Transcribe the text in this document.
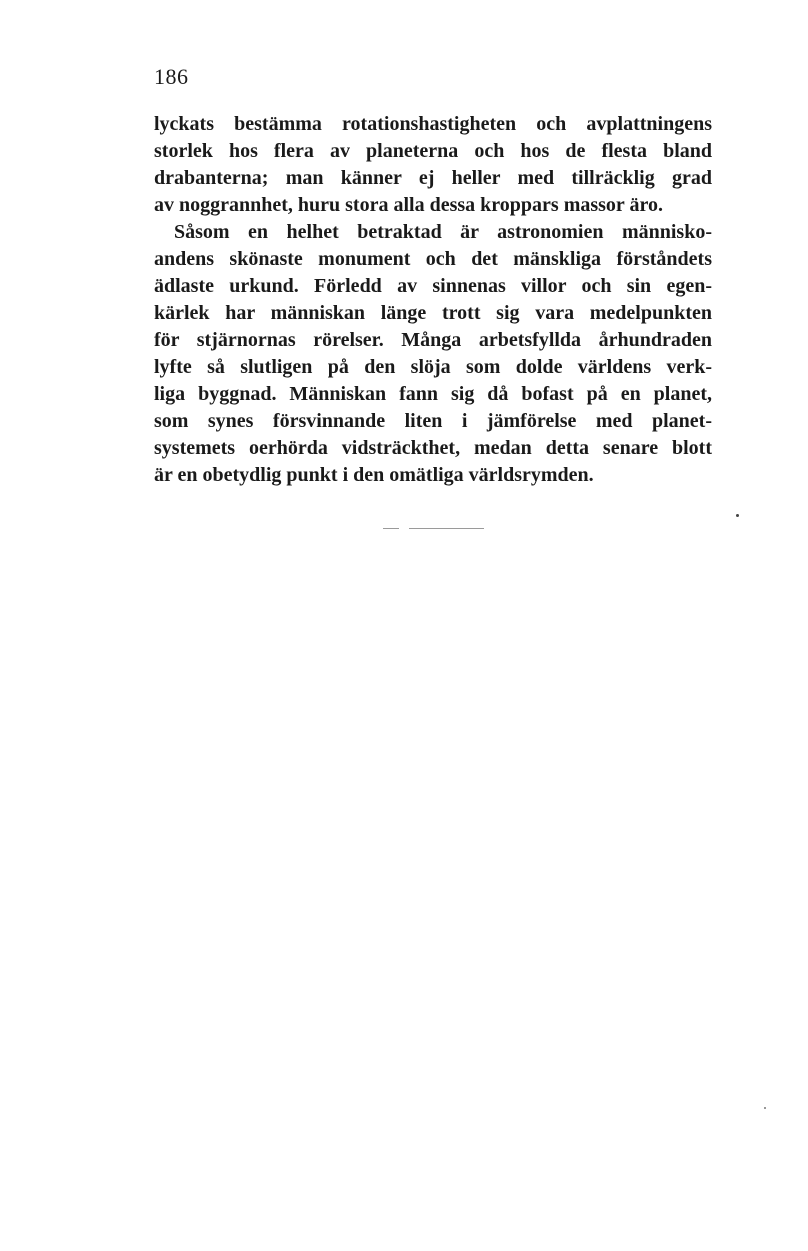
186
lyckats bestämma rotationshastigheten och avplattningens
storlek hos flera av planeterna och hos de flesta bland
drabanterna; man känner ej heller med tillräcklig grad
av noggrannhet, huru stora alla dessa kroppars massor äro.
Såsom en helhet betraktad är astronomien människo-
andens skönaste monument och det mänskliga förståndets
ädlaste urkund. Förledd av sinnenas villor och sin egen-
kärlek har människan länge trott sig vara medelpunkten
för stjärnornas rörelser. Många arbetsfyllda århundraden
lyfte så slutligen på den slöja som dolde världens verk-
liga byggnad. Människan fann sig då bofast på en planet,
som synes försvinnande liten i jämförelse med planet-
systemets oerhörda vidsträckthet, medan detta senare blott
är en obetydlig punkt i den omätliga världsrymden.
